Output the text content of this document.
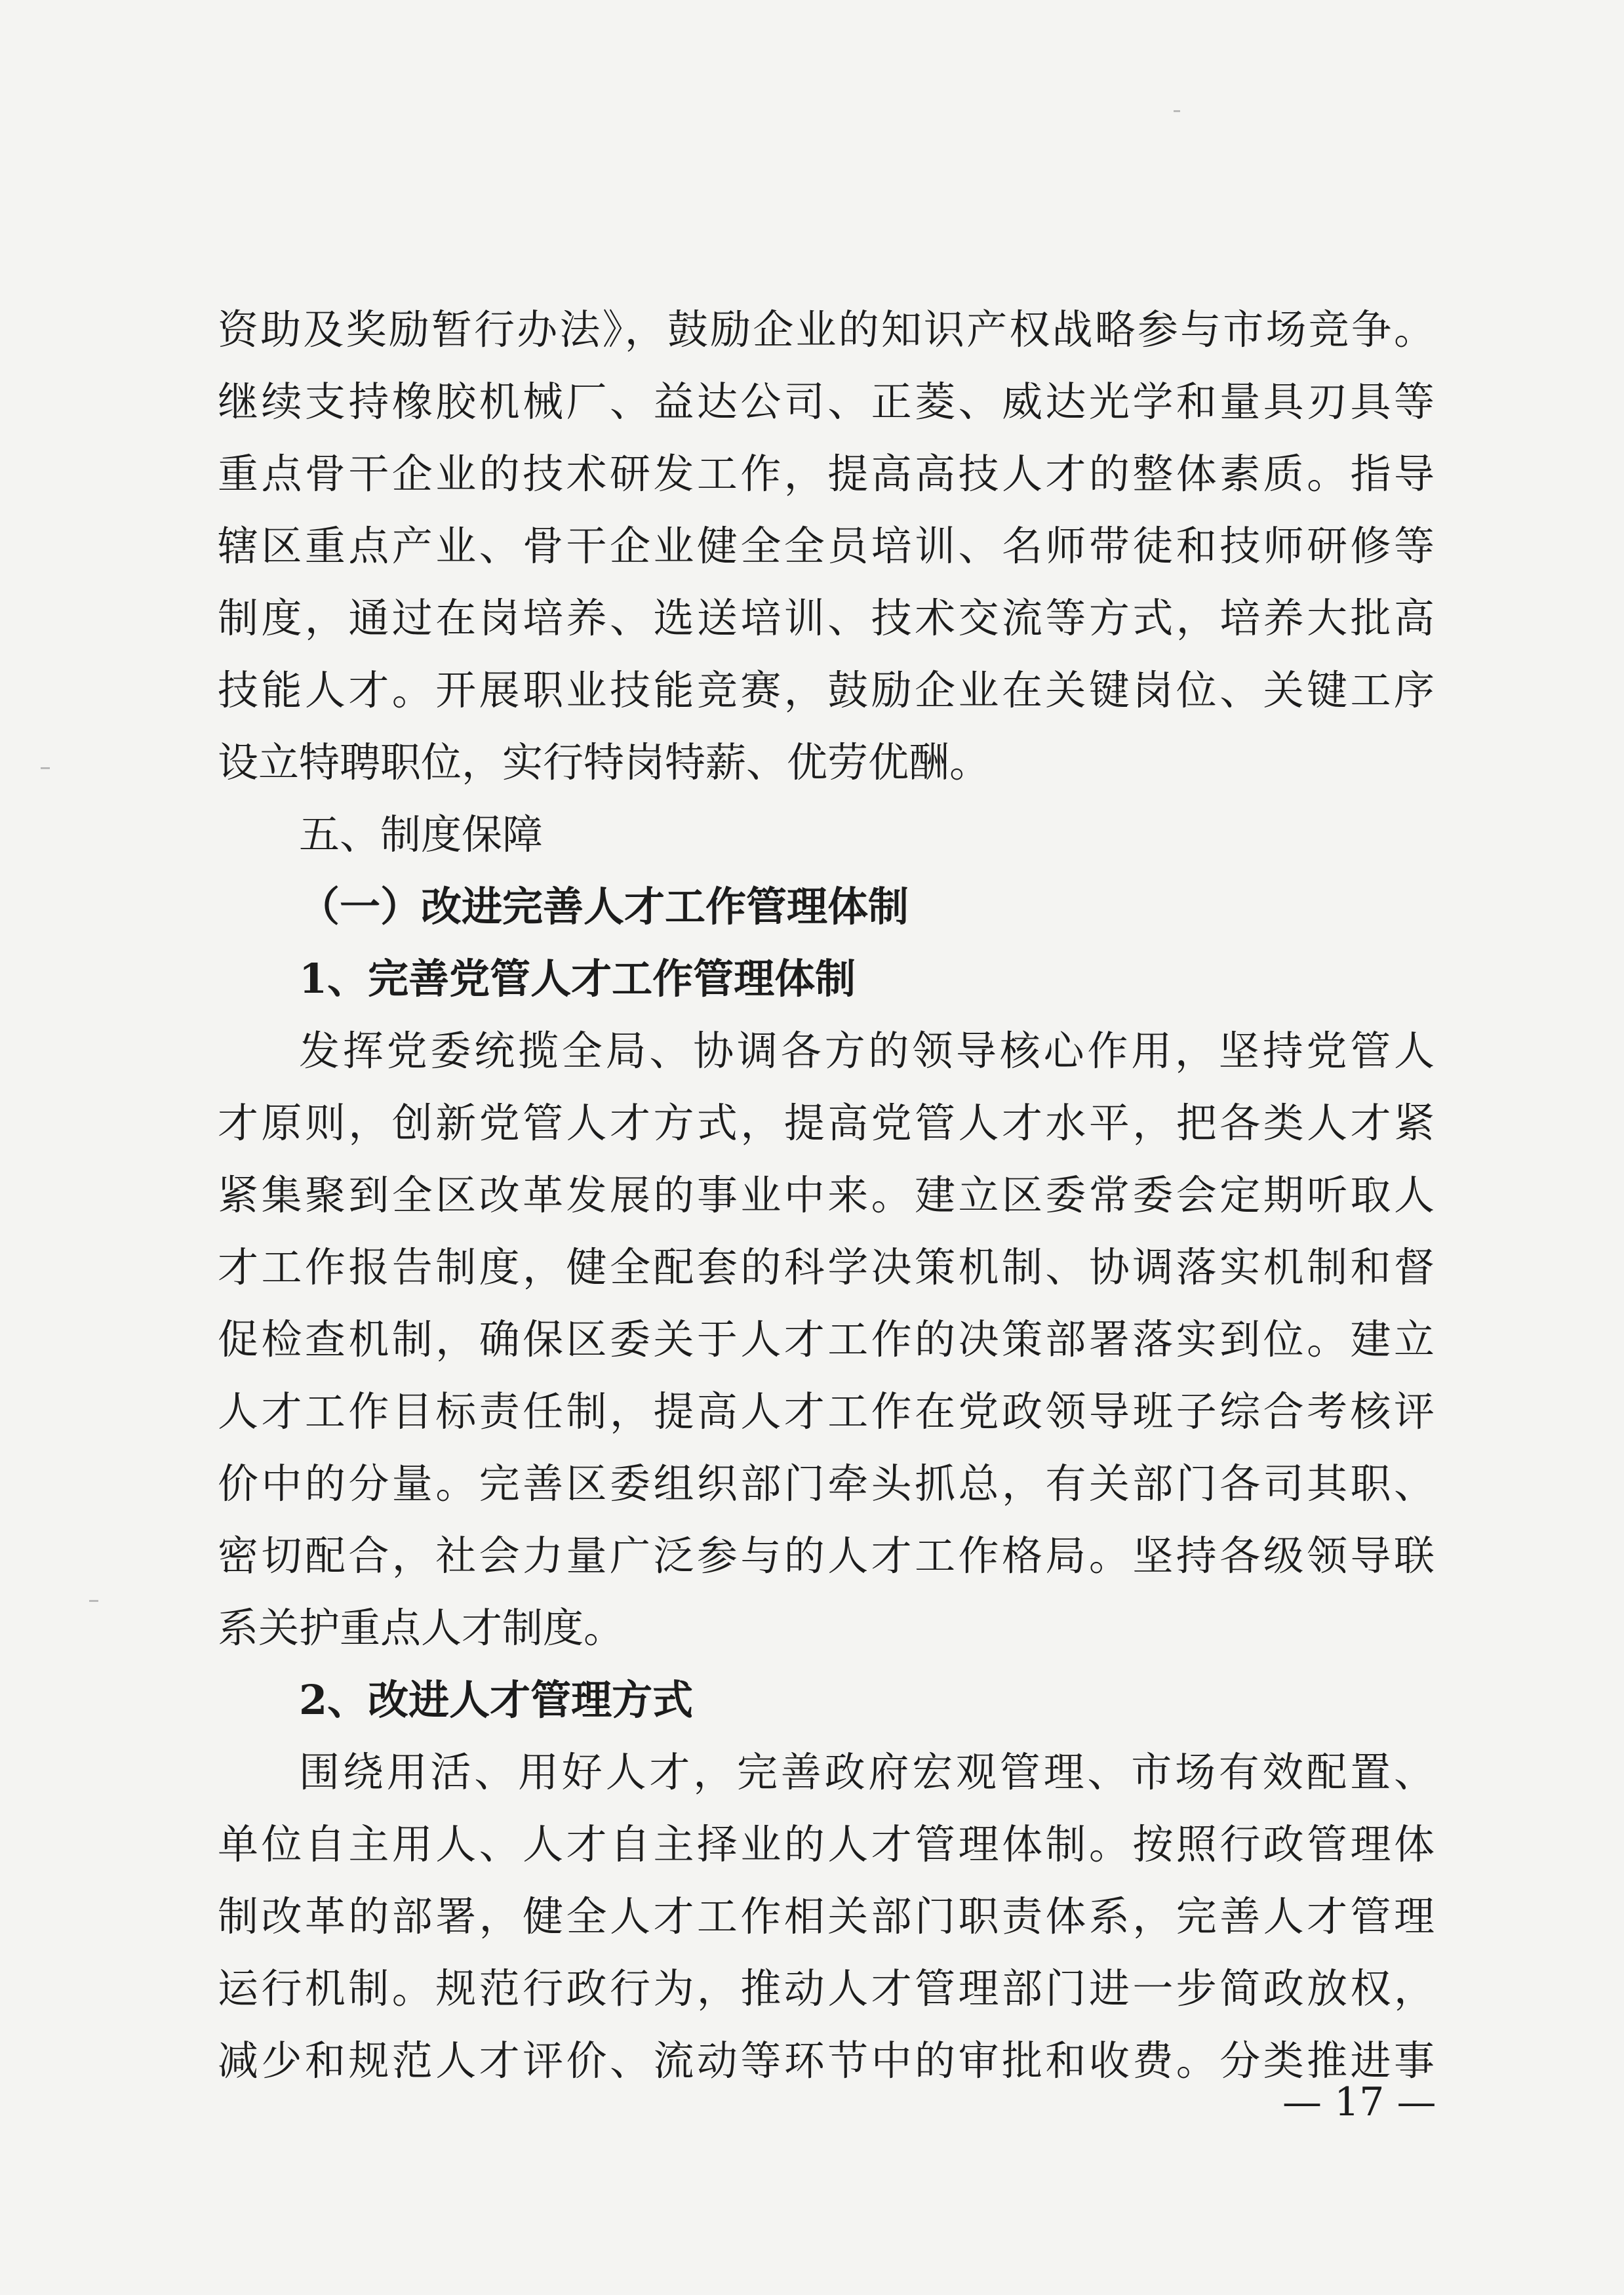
资助及奖励暂行办法》，鼓励企业的知识产权战略参与市场竞争。
继续支持橡胶机械厂、益达公司、正菱、威达光学和量具刃具等
重点骨干企业的技术研发工作，提高高技人才的整体素质。指导
辖区重点产业、骨干企业健全全员培训、名师带徒和技师研修等
制度，通过在岗培养、选送培训、技术交流等方式，培养大批高
技能人才。开展职业技能竞赛，鼓励企业在关键岗位、关键工序
设立特聘职位，实行特岗特薪、优劳优酬。
五、制度保障
（一）改进完善人才工作管理体制
1、完善党管人才工作管理体制
发挥党委统揽全局、协调各方的领导核心作用，坚持党管人
才原则，创新党管人才方式，提高党管人才水平，把各类人才紧
紧集聚到全区改革发展的事业中来。建立区委常委会定期听取人
才工作报告制度，健全配套的科学决策机制、协调落实机制和督
促检查机制，确保区委关于人才工作的决策部署落实到位。建立
人才工作目标责任制，提高人才工作在党政领导班子综合考核评
价中的分量。完善区委组织部门牵头抓总，有关部门各司其职、
密切配合，社会力量广泛参与的人才工作格局。坚持各级领导联
系关护重点人才制度。
2、改进人才管理方式
围绕用活、用好人才，完善政府宏观管理、市场有效配置、
单位自主用人、人才自主择业的人才管理体制。按照行政管理体
制改革的部署，健全人才工作相关部门职责体系，完善人才管理
运行机制。规范行政行为，推动人才管理部门进一步简政放权，
减少和规范人才评价、流动等环节中的审批和收费。分类推进事
— 17 —
